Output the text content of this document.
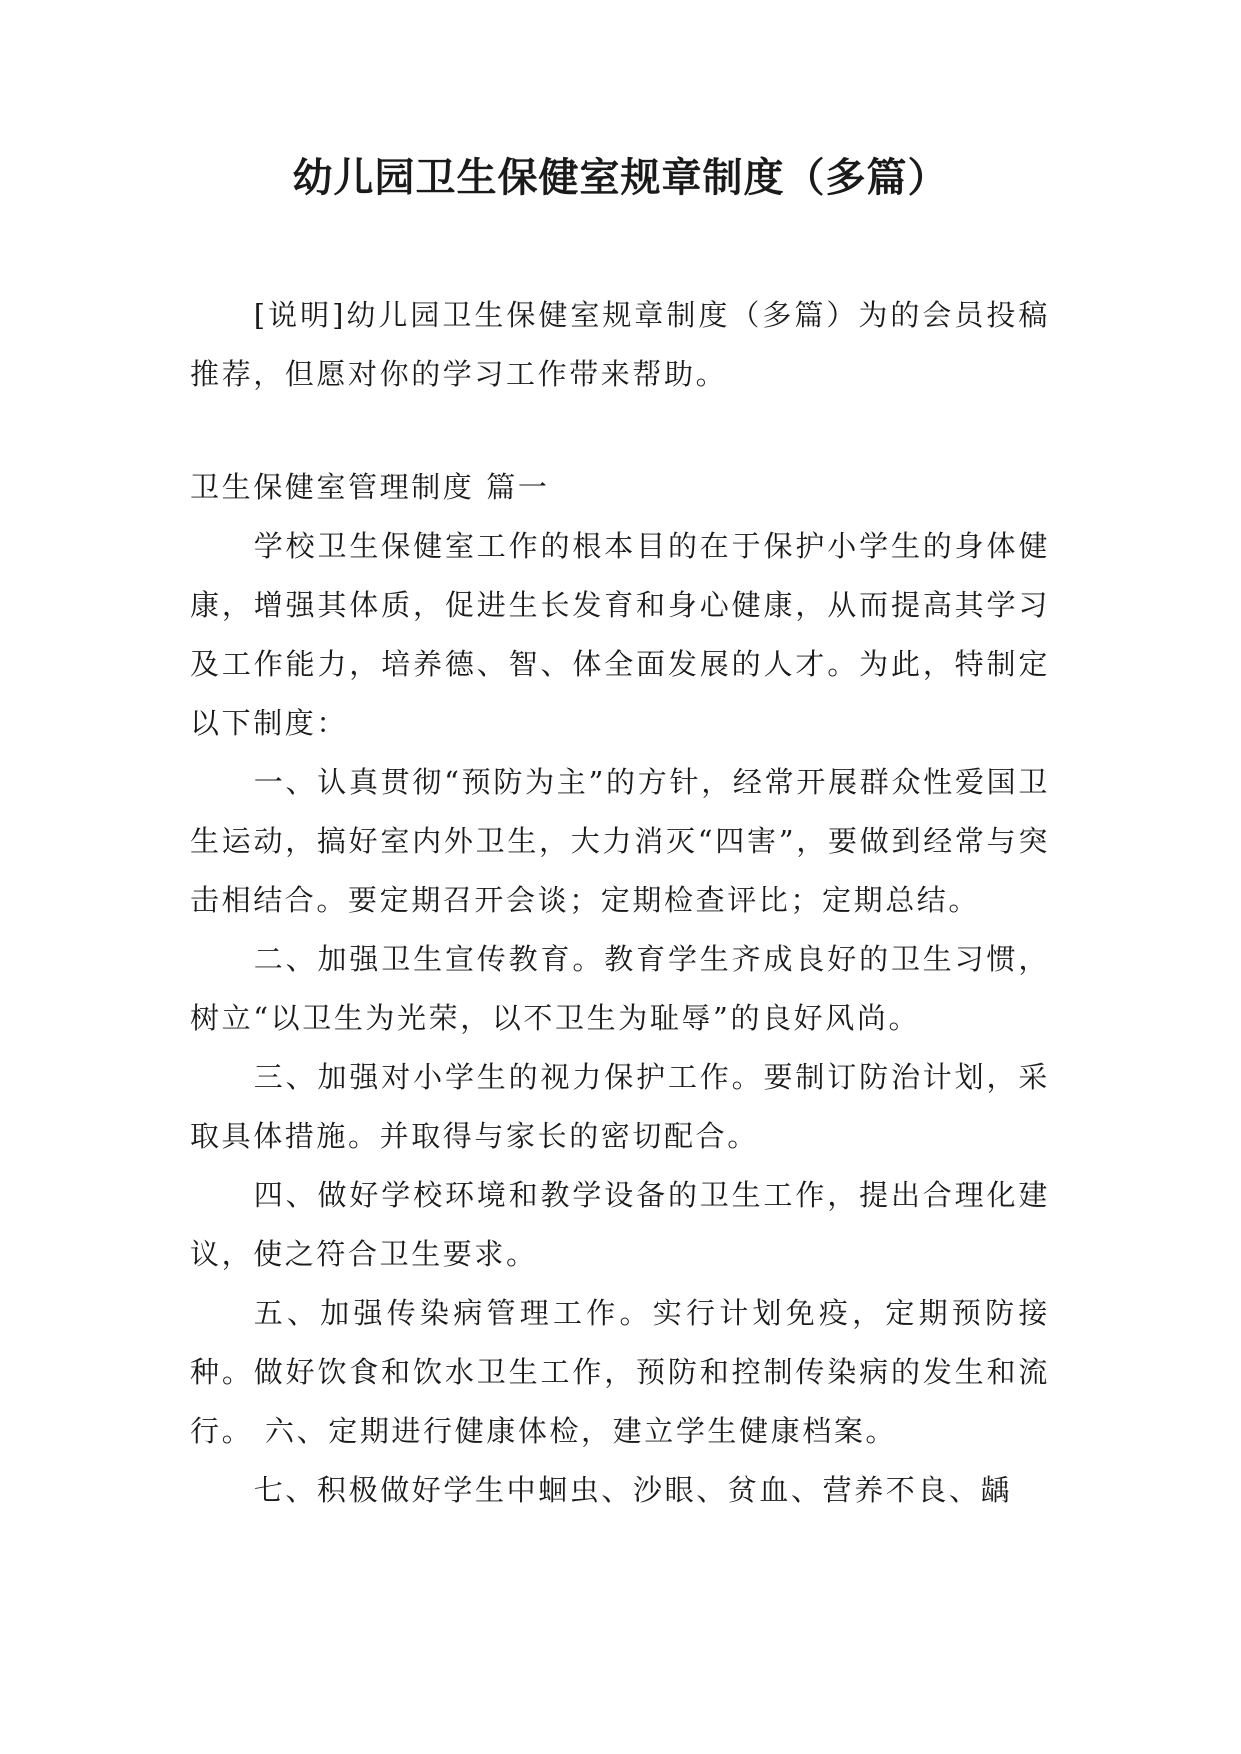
幼儿园卫生保健室规章制度（多篇）

[说明]幼儿园卫生保健室规章制度（多篇）为的会员投稿推荐，但愿对你的学习工作带来帮助。

卫生保健室管理制度 篇一

学校卫生保健室工作的根本目的在于保护小学生的身体健康，增强其体质，促进生长发育和身心健康，从而提高其学习及工作能力，培养德、智、体全面发展的人才。为此，特制定以下制度：

一、认真贯彻“预防为主”的方针，经常开展群众性爱国卫生运动，搞好室内外卫生，大力消灭“四害”，要做到经常与突击相结合。要定期召开会谈；定期检查评比；定期总结。

二、加强卫生宣传教育。教育学生齐成良好的卫生习惯，树立“以卫生为光荣，以不卫生为耻辱”的良好风尚。

三、加强对小学生的视力保护工作。要制订防治计划，采取具体措施。并取得与家长的密切配合。

四、做好学校环境和教学设备的卫生工作，提出合理化建议，使之符合卫生要求。

五、加强传染病管理工作。实行计划免疫，定期预防接种。做好饮食和饮水卫生工作，预防和控制传染病的发生和流行。 六、定期进行健康体检，建立学生健康档案。

七、积极做好学生中蛔虫、沙眼、贫血、营养不良、龋
